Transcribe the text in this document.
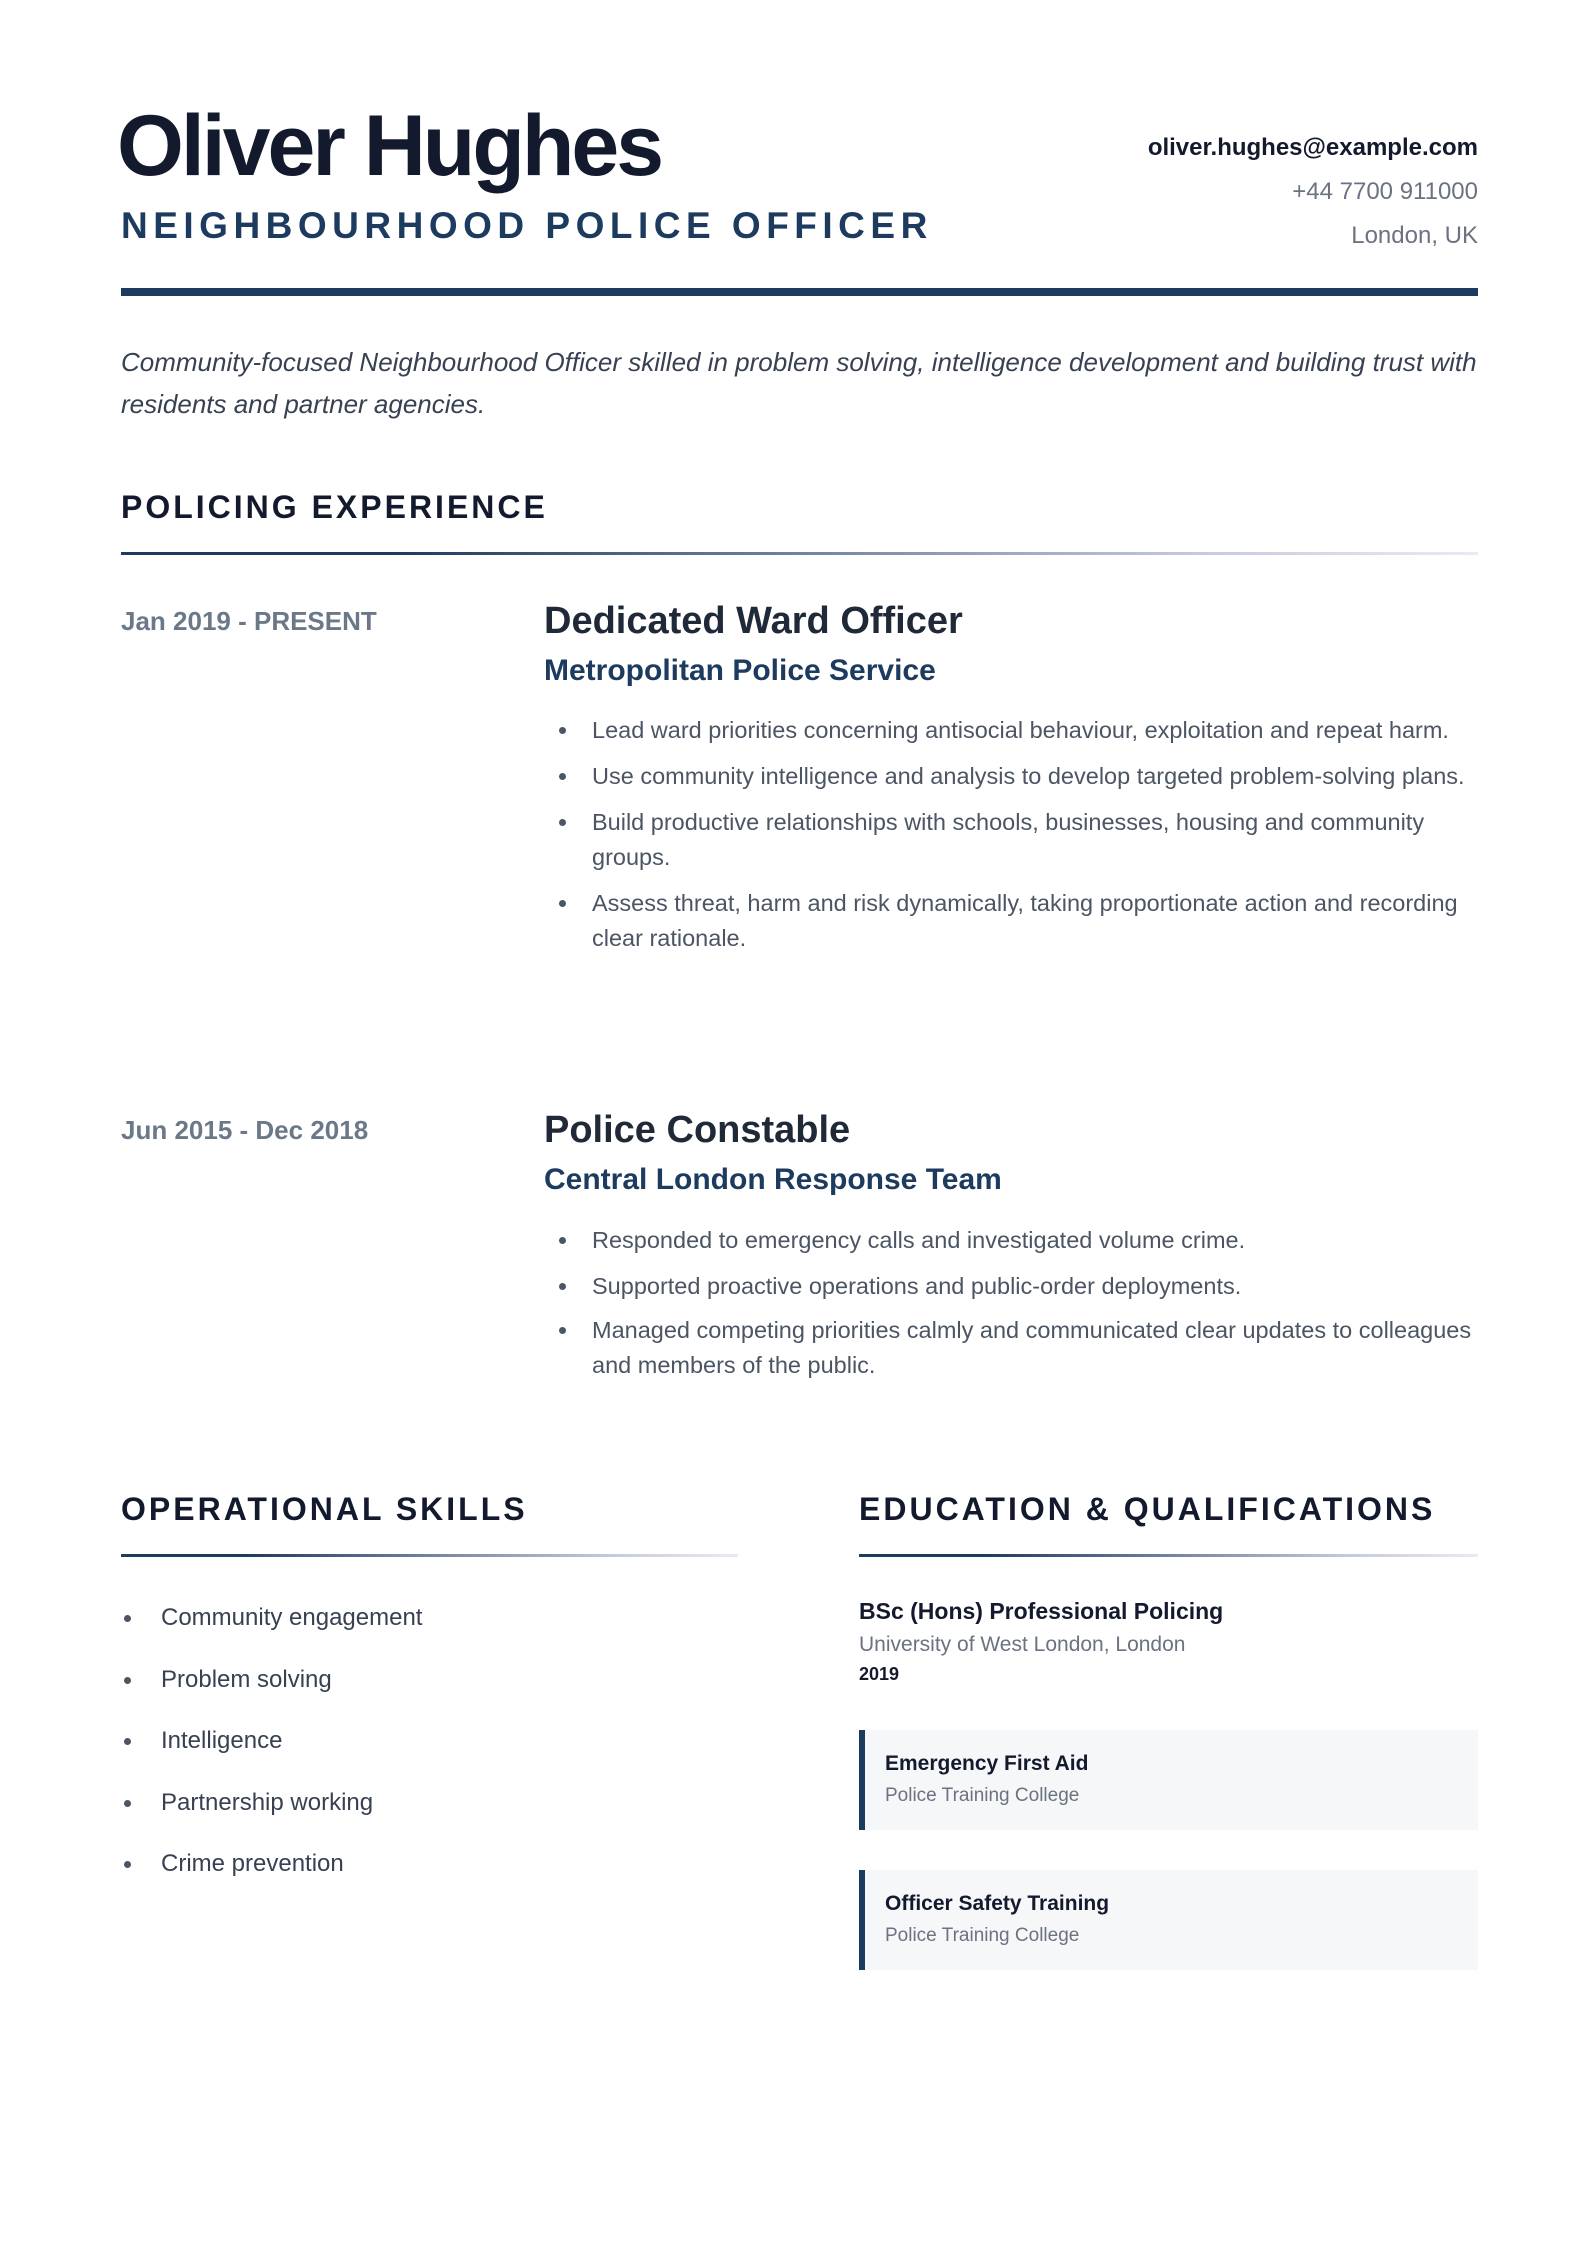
Oliver Hughes
NEIGHBOURHOOD POLICE OFFICER
oliver.hughes@example.com
+44 7700 911000
London, UK
Community-focused Neighbourhood Officer skilled in problem solving, intelligence development and building trust with residents and partner agencies.
POLICING EXPERIENCE
Jan 2019 - PRESENT	Dedicated Ward Officer
Metropolitan Police Service
Lead ward priorities concerning antisocial behaviour, exploitation and repeat harm.
Use community intelligence and analysis to develop targeted problem-solving plans.
Build productive relationships with schools, businesses, housing and community groups.
Assess threat, harm and risk dynamically, taking proportionate action and recording clear rationale.
Jun 2015 - Dec 2018	Police Constable
Central London Response Team
Responded to emergency calls and investigated volume crime.
Supported proactive operations and public-order deployments.
Managed competing priorities calmly and communicated clear updates to colleagues and members of the public.
OPERATIONAL SKILLS
Community engagement
Problem solving
Intelligence
Partnership working
Crime prevention
EDUCATION & QUALIFICATIONS
BSc (Hons) Professional Policing
University of West London, London
2019
Emergency First Aid
Police Training College
Officer Safety Training
Police Training College
